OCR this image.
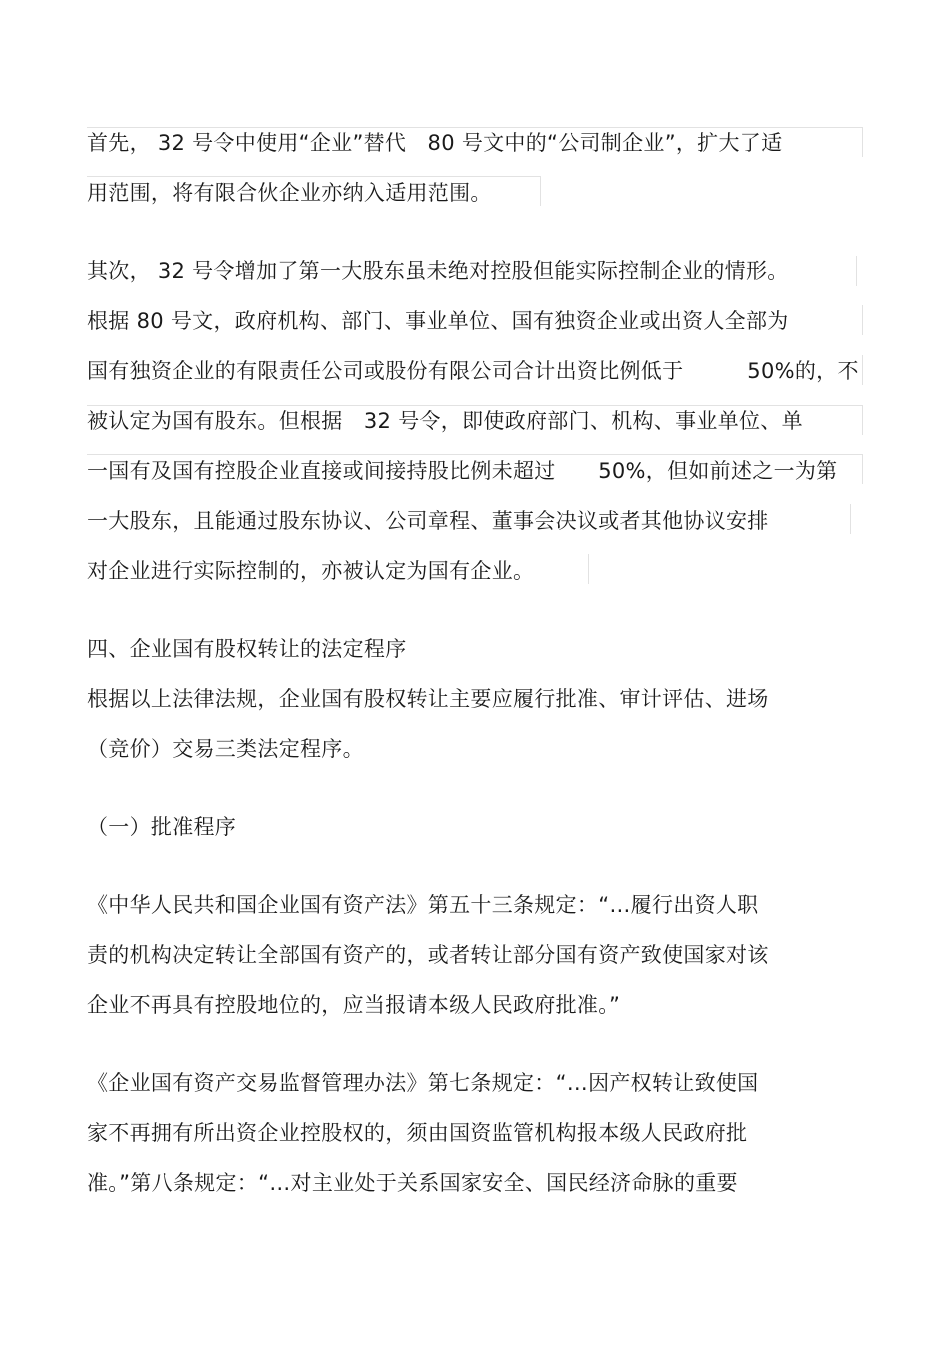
首先， 32 号令中使用“企业”替代　80 号文中的“公司制企业”，扩大了适
用范围，将有限合伙企业亦纳入适用范围。
其次， 32 号令增加了第一大股东虽未绝对控股但能实际控制企业的情形。
根据 80 号文，政府机构、部门、事业单位、国有独资企业或出资人全部为
国有独资企业的有限责任公司或股份有限公司合计出资比例低于　　　50%的，不
被认定为国有股东。但根据　32 号令，即使政府部门、机构、事业单位、单
一国有及国有控股企业直接或间接持股比例未超过　　50%，但如前述之一为第
一大股东，且能通过股东协议、公司章程、董事会决议或者其他协议安排
对企业进行实际控制的，亦被认定为国有企业。
四、企业国有股权转让的法定程序
根据以上法律法规，企业国有股权转让主要应履行批准、审计评估、进场
（竞价）交易三类法定程序。
（一）批准程序
《中华人民共和国企业国有资产法》第五十三条规定：“…履行出资人职
责的机构决定转让全部国有资产的，或者转让部分国有资产致使国家对该
企业不再具有控股地位的，应当报请本级人民政府批准。”
《企业国有资产交易监督管理办法》第七条规定：“…因产权转让致使国
家不再拥有所出资企业控股权的，须由国资监管机构报本级人民政府批
准。”第八条规定：“…对主业处于关系国家安全、国民经济命脉的重要
